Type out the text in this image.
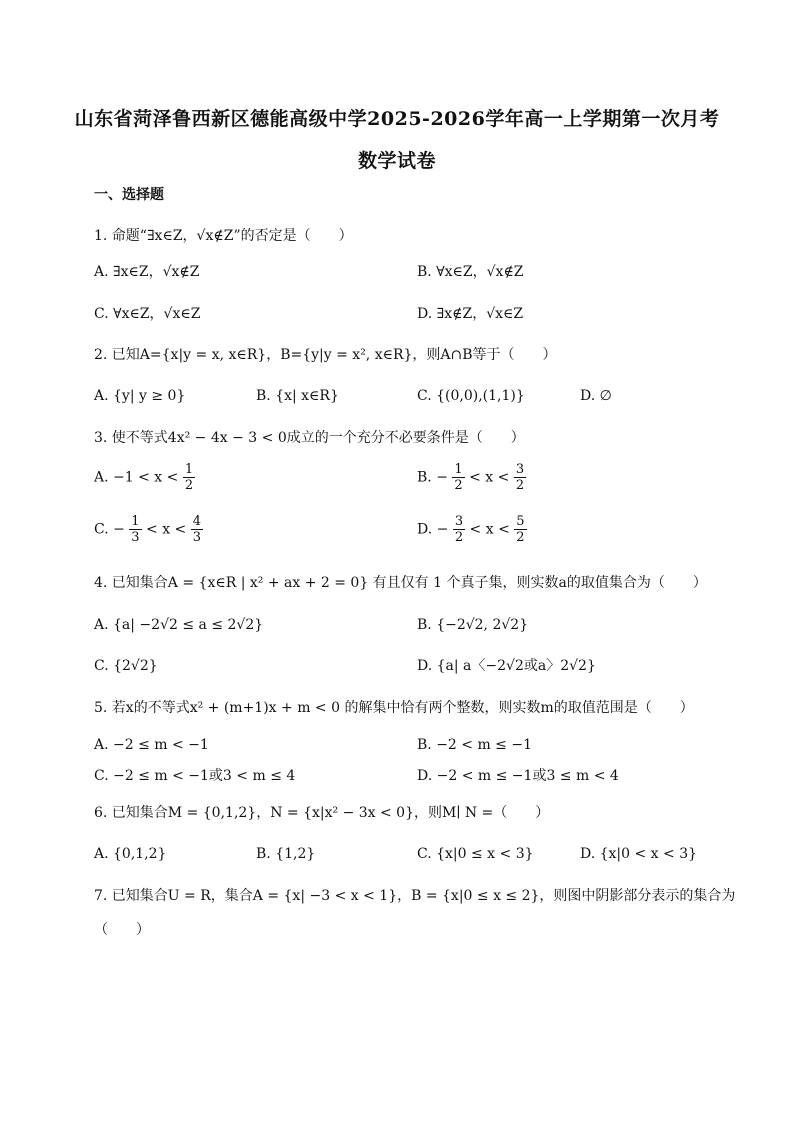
山东省菏泽鲁西新区德能高级中学2025-2026学年高一上学期第一次月考
数学试卷
一、选择题
1. 命题“∃x∈Z，√x∉Z”的否定是（　　）
A. ∃x∈Z，√x∉Z	B. ∀x∈Z，√x∉Z
C. ∀x∈Z，√x∈Z	D. ∃x∉Z，√x∈Z
2. 已知A={x|y = x, x∈R}，B={y|y = x², x∈R}，则A∩B等于（　　）
A. {y| y ≥ 0}	B. {x| x∈R}	C. {(0,0),(1,1)}	D. ∅
3. 使不等式4x² − 4x − 3 < 0成立的一个充分不必要条件是（　　）
A. $-1 < x < \frac{1}{2}$	B. − $\frac{1}{2} < x < \frac{3}{2}$
C. − $\frac{1}{3} < x < \frac{4}{3}$	D. − $\frac{3}{2} < x < \frac{5}{2}$
4. 已知集合A = {x∈R | x² + ax + 2 = 0} 有且仅有 1 个真子集，则实数a的取值集合为（　　）
A. {a| −2√2 ≤ a ≤ 2√2}	B. {−2√2, 2√2}
C. {2√2}	D. {a| a〈−2√2或a〉2√2}
5. 若x的不等式x² + (m+1)x + m < 0 的解集中恰有两个整数，则实数m的取值范围是（　　）
A. −2 ≤ m < −1	B. −2 < m ≤ −1
C. −2 ≤ m < −1或3 < m ≤ 4	D. −2 < m ≤ −1或3 ≤ m < 4
6. 已知集合M = {0,1,2}，N = {x|x² − 3x < 0}，则M∣ N =（　　）
A. {0,1,2}	B. {1,2}	C. {x|0 ≤ x < 3}	D. {x|0 < x < 3}
7. 已知集合U = R，集合A = {x| −3 < x < 1}，B = {x|0 ≤ x ≤ 2}，则图中阴影部分表示的集合为
（　　）
